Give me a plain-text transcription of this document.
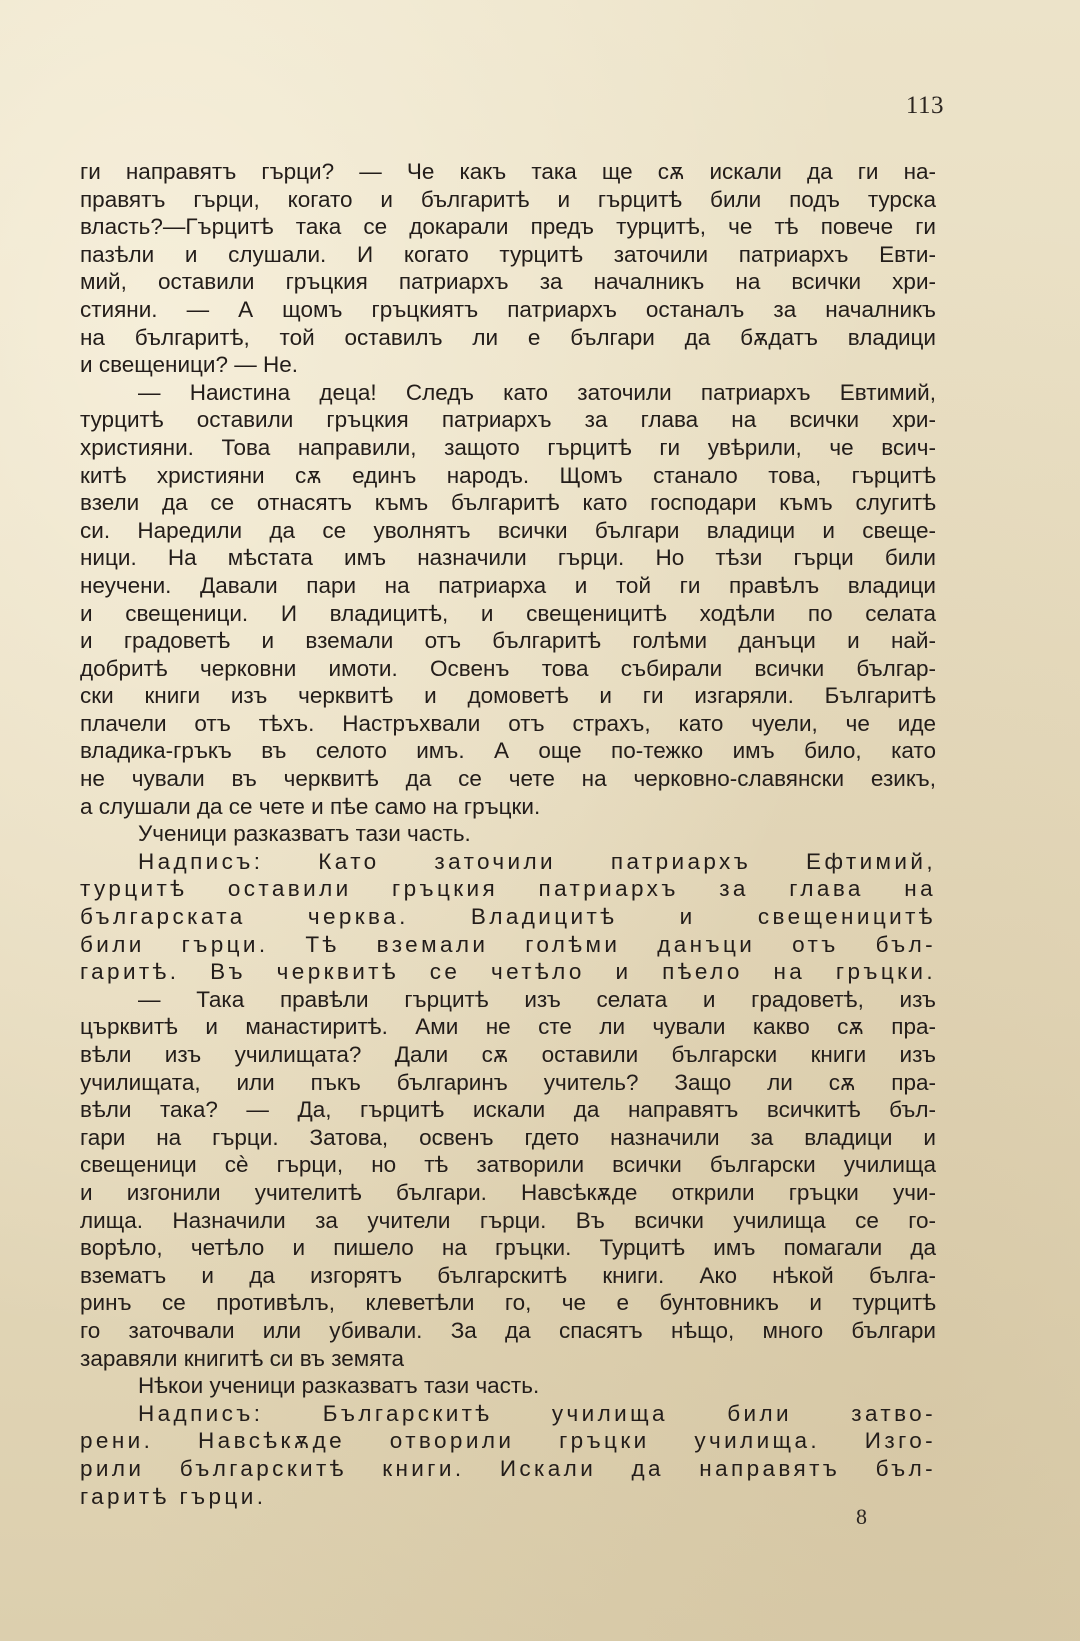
113
ги направятъ гърци? — Че какъ така ще сѫ искали да ги на-
правятъ гърци, когато и българитѣ и гърцитѣ били подъ турска
власть?—Гърцитѣ така се докарали предъ турцитѣ, че тѣ повече ги
пазѣли и слушали. И когато турцитѣ заточили патриархъ Евти-
мий, оставили гръцкия патриархъ за началникъ на всички хри-
стияни. — А щомъ гръцкиятъ патриархъ останалъ за началникъ
на българитѣ, той оставилъ ли е българи да бѫдатъ владици
и свещеници? — Не.
— Наистина деца! Следъ като заточили патриархъ Евтимий,
турцитѣ оставили гръцкия патриархъ за глава на всички хри-
християни. Това направили, защото гърцитѣ ги увѣрили, че всич-
китѣ християни сѫ единъ народъ. Щомъ станало това, гърцитѣ
взели да се отнасятъ къмъ българитѣ като господари къмъ слугитѣ
си. Наредили да се уволнятъ всички българи владици и свеще-
ници. На мѣстата имъ назначили гърци. Но тѣзи гърци били
неучени. Давали пари на патриарха и той ги правѣлъ владици
и свещеници. И владицитѣ, и свещеницитѣ ходѣли по селата
и градоветѣ и вземали отъ българитѣ голѣми данъци и най-
добритѣ черковни имоти. Освенъ това събирали всички българ-
ски книги изъ черквитѣ и домоветѣ и ги изгаряли. Българитѣ
плачели отъ тѣхъ. Настръхвали отъ страхъ, като чуели, че иде
владика-гръкъ въ селото имъ. А още по-тежко имъ било, като
не чували въ черквитѣ да се чете на черковно-славянски езикъ,
а слушали да се чете и пѣе само на гръцки.
Ученици разказватъ тази часть.
Надписъ: Като заточили патриархъ Ефтимий,
турцитѣ оставили гръцкия патриархъ за глава на
българската черква. Владицитѣ и свещеницитѣ
били гърци. Тѣ вземали голѣми данъци отъ бъл-
гаритѣ. Въ черквитѣ се четѣло и пѣело на гръцки.
— Така правѣли гърцитѣ изъ селата и градоветѣ, изъ
църквитѣ и манастиритѣ. Ами не сте ли чували какво сѫ пра-
вѣли изъ училищата? Дали сѫ оставили български книги изъ
училищата, или пъкъ българинъ учитель? Защо ли сѫ пра-
вѣли така? — Да, гърцитѣ искали да направятъ всичкитѣ бъл-
гари на гърци. Затова, освенъ гдето назначили за владици и
свещеници сè гърци, но тѣ затворили всички български училища
и изгонили учителитѣ българи. Навсѣкѫде открили гръцки учи-
лища. Назначили за учители гърци. Въ всички училища се го-
ворѣло, четѣло и пишело на гръцки. Турцитѣ имъ помагали да
взематъ и да изгорятъ българскитѣ книги. Ако нѣкой бълга-
ринъ се противѣлъ, клеветѣли го, че е бунтовникъ и турцитѣ
го заточвали или убивали. За да спасятъ нѣщо, много българи
заравяли книгитѣ си въ земята
Нѣкои ученици разказватъ тази часть.
Надписъ: Българскитѣ училища били затво-
рени. Навсѣкѫде отворили гръцки училища. Изго-
рили българскитѣ книги. Искали да направятъ бъл-
гаритѣ гърци.
8
